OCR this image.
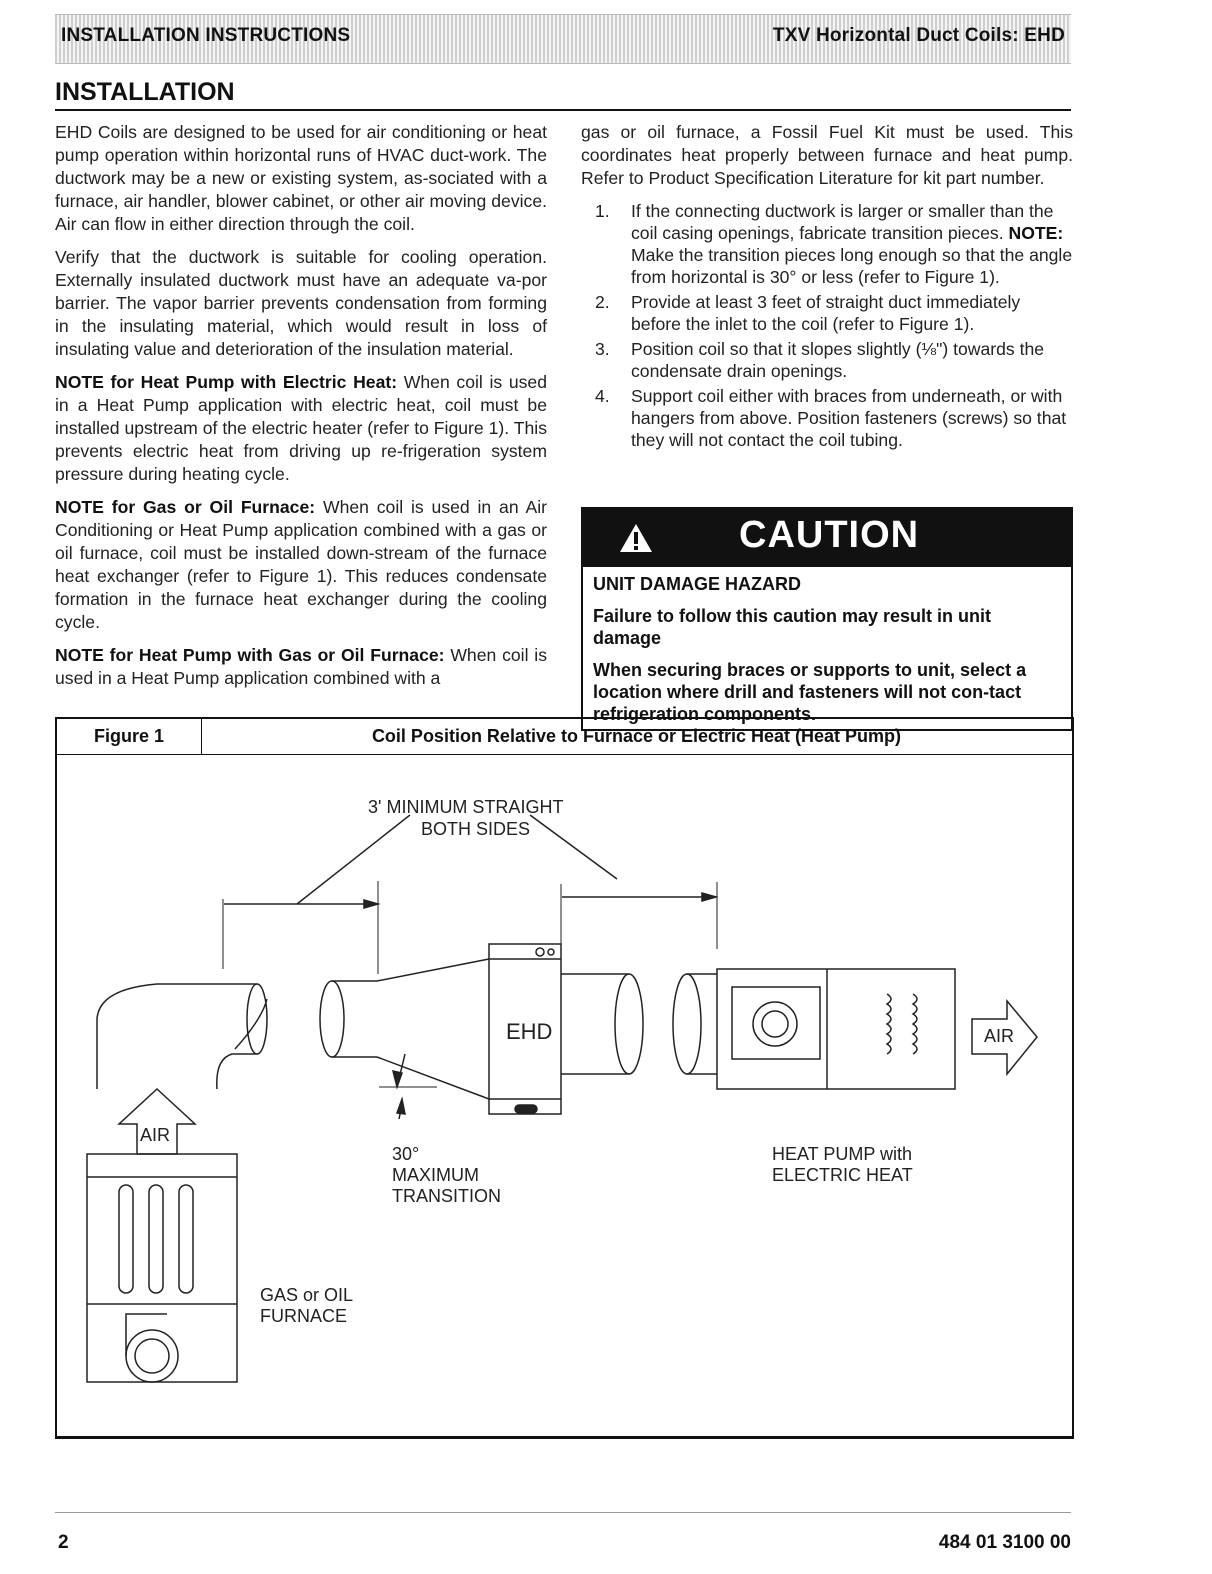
INSTALLATION INSTRUCTIONS	TXV Horizontal Duct Coils: EHD
INSTALLATION

EHD Coils are designed to be used for air conditioning or heat pump operation within horizontal runs of HVAC duct-work. The ductwork may be a new or existing system, as-sociated with a furnace, air handler, blower cabinet, or other air moving device. Air can flow in either direction through the coil.

Verify that the ductwork is suitable for cooling operation. Externally insulated ductwork must have an adequate va-por barrier. The vapor barrier prevents condensation from forming in the insulating material, which would result in loss of insulating value and deterioration of the insulation material.

NOTE for Heat Pump with Electric Heat: When coil is used in a Heat Pump application with electric heat, coil must be installed upstream of the electric heater (refer to Figure 1). This prevents electric heat from driving up re-frigeration system pressure during heating cycle.

NOTE for Gas or Oil Furnace: When coil is used in an Air Conditioning or Heat Pump application combined with a gas or oil furnace, coil must be installed down-stream of the furnace heat exchanger (refer to Figure 1). This reduces condensate formation in the furnace heat exchanger during the cooling cycle.

NOTE for Heat Pump with Gas or Oil Furnace: When coil is used in a Heat Pump application combined with a

gas or oil furnace, a Fossil Fuel Kit must be used. This coordinates heat properly between furnace and heat pump. Refer to Product Specification Literature for kit part number.

1. If the connecting ductwork is larger or smaller than the coil casing openings, fabricate transition pieces. NOTE: Make the transition pieces long enough so that the angle from horizontal is 30° or less (refer to Figure 1).
2. Provide at least 3 feet of straight duct immediately before the inlet to the coil (refer to Figure 1).
3. Position coil so that it slopes slightly (⅛") towards the condensate drain openings.
4. Support coil either with braces from underneath, or with hangers from above. Position fasteners (screws) so that they will not contact the coil tubing.
CAUTION
UNIT DAMAGE HAZARD

Failure to follow this caution may result in unit damage

When securing braces or supports to unit, select a location where drill and fasteners will not con-tact refrigeration components.

Figure 1	Coil Position Relative to Furnace or Electric Heat (Heat Pump)
3' MINIMUM STRAIGHT
BOTH SIDES
EHD
30°
MAXIMUM
TRANSITION
HEAT PUMP with
ELECTRIC HEAT
GAS or OIL
FURNACE
AIR
AIR
2	484 01 3100 00
